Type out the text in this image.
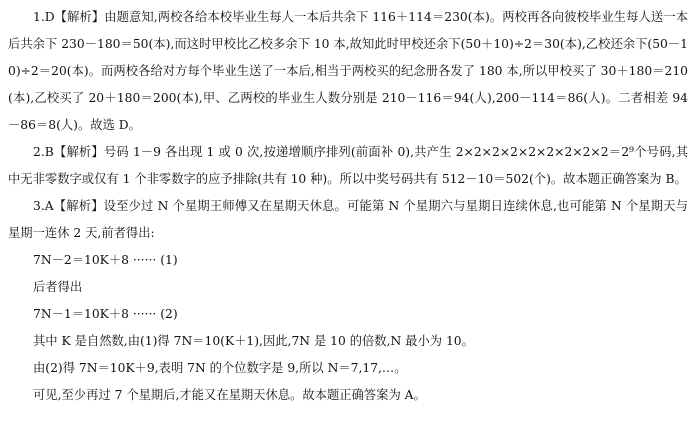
1.D【解析】由题意知,两校各给本校毕业生每人一本后共余下 116＋114＝230(本)。两校再各向彼校毕业生每人送一本后共余下 230－180＝50(本),而这时甲校比乙校多余下 10 本,故知此时甲校还余下(50＋10)÷2＝30(本),乙校还余下(50－10)÷2＝20(本)。而两校各给对方每个毕业生送了一本后,相当于两校买的纪念册各发了 180 本,所以甲校买了 30＋180＝210(本),乙校买了 20＋180＝200(本),甲、乙两校的毕业生人数分别是 210－116＝94(人),200－114＝86(人)。二者相差 94－86＝8(人)。故选 D。

2.B【解析】号码 1－9 各出现 1 或 0 次,按递增顺序排列(前面补 0),共产生 2×2×2×2×2×2×2×2×2＝2⁹个号码,其中无非零数字或仅有 1 个非零数字的应予排除(共有 10 种)。所以中奖号码共有 512－10＝502(个)。故本题正确答案为 B。

3.A【解析】设至少过 N 个星期王师傅又在星期天休息。可能第 N 个星期六与星期日连续休息,也可能第 N 个星期天与星期一连休 2 天,前者得出:

7N－2＝10K＋8 ······ (1)

后者得出

7N－1＝10K＋8 ······ (2)

其中 K 是自然数,由(1)得 7N＝10(K＋1),因此,7N 是 10 的倍数,N 最小为 10。

由(2)得 7N＝10K＋9,表明 7N 的个位数字是 9,所以 N＝7,17,…。

可见,至少再过 7 个星期后,才能又在星期天休息。故本题正确答案为 A。
